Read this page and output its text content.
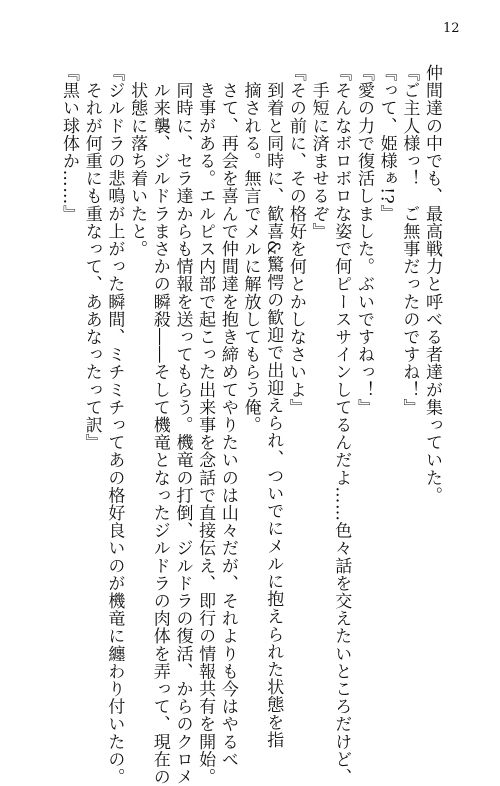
12
仲間達の中でも、最高戦力と呼べる者達が集っていた。
『ご主人様っ！　ご無事だったのですね！』
『って、姫様ぁ!?』
『愛の力で復活しました。ぶいですねっ！』
『そんなボロボロな姿で何ピースサインしてるんだよ……色々話を交えたいところだけど、
　手短に済ませるぞ』
『その前に、その格好を何とかしなさいよ』
　到着と同時に、歓喜&驚愕の歓迎で出迎えられ、ついでにメルに抱えられた状態を指
　摘される。無言でメルに解放してもらう俺。
　さて、再会を喜んで仲間達を抱き締めてやりたいのは山々だが、それよりも今はやるべ
　き事がある。エルピス内部で起こった出来事を念話で直接伝え、即行の情報共有を開始。
　同時に、セラ達からも情報を送ってもらう。機竜の打倒、ジルドラの復活、からのクロメ
　ル来襲、ジルドラまさかの瞬殺――そして機竜となったジルドラの肉体を弄って、現在の
　状態に落ち着いたと。
『ジルドラの悲鳴が上がった瞬間、ミチミチってあの格好良いのが機竜に纏わり付いたの。
　それが何重にも重なって、ああなったって訳』
『黒い球体か……』
